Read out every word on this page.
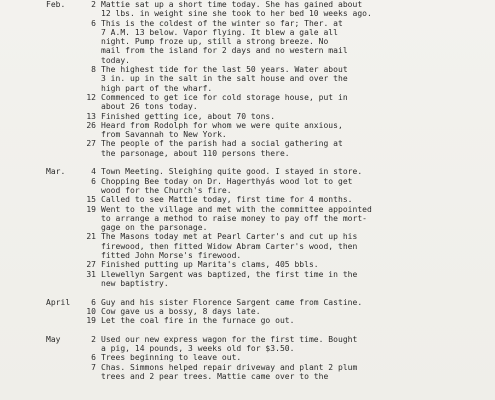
Feb.	2 Mattie sat up a short time today. She has gained about
12 lbs. in weight sine she took to her bed 10 weeks ago.
6 This is the coldest of the winter so far; Ther. at
7 A.M. 13 below. Vapor flying. It blew a gale all
night. Pump froze up, still a strong breeze. No
mail from the island for 2 days and no western mail
today.
8 The highest tide for the last 50 years. Water about
3 in. up in the salt in the salt house and over the
high part of the wharf.
12 Commenced to get ice for cold storage house, put in
about 26 tons today.
13 Finished getting ice, about 70 tons.
26 Heard from Rodolph for whom we were quite anxious,
from Savannah to New York.
27 The people of the parish had a social gathering at
the parsonage, about 110 persons there.
Mar.	4 Town Meeting. Sleighing quite good. I stayed in store.
6 Chopping Bee today on Dr. Hagerthyás wood lot to get
wood for the Church's fire.
15 Called to see Mattie today, first time for 4 months.
19 Went to the village and met with the committee appointed
to arrange a method to raise money to pay off the mort-
gage on the parsonage.
21 The Masons today met at Pearl Carter's and cut up his
firewood, then fitted Widow Abram Carter's wood, then
fitted John Morse's firewood.
27 Finished putting up Marita's clams, 405 bbls.
31 Llewellyn Sargent was baptized, the first time in the
new baptistry.
April	6 Guy and his sister Florence Sargent came from Castine.
10 Cow gave us a bossy, 8 days late.
19 Let the coal fire in the furnace go out.
May	2 Used our new express wagon for the first time. Bought
a pig, 14 pounds, 3 weeks old for $3.50.
6 Trees beginning to leave out.
7 Chas. Simmons helped repair driveway and plant 2 plum
trees and 2 pear trees. Mattie came over to the
